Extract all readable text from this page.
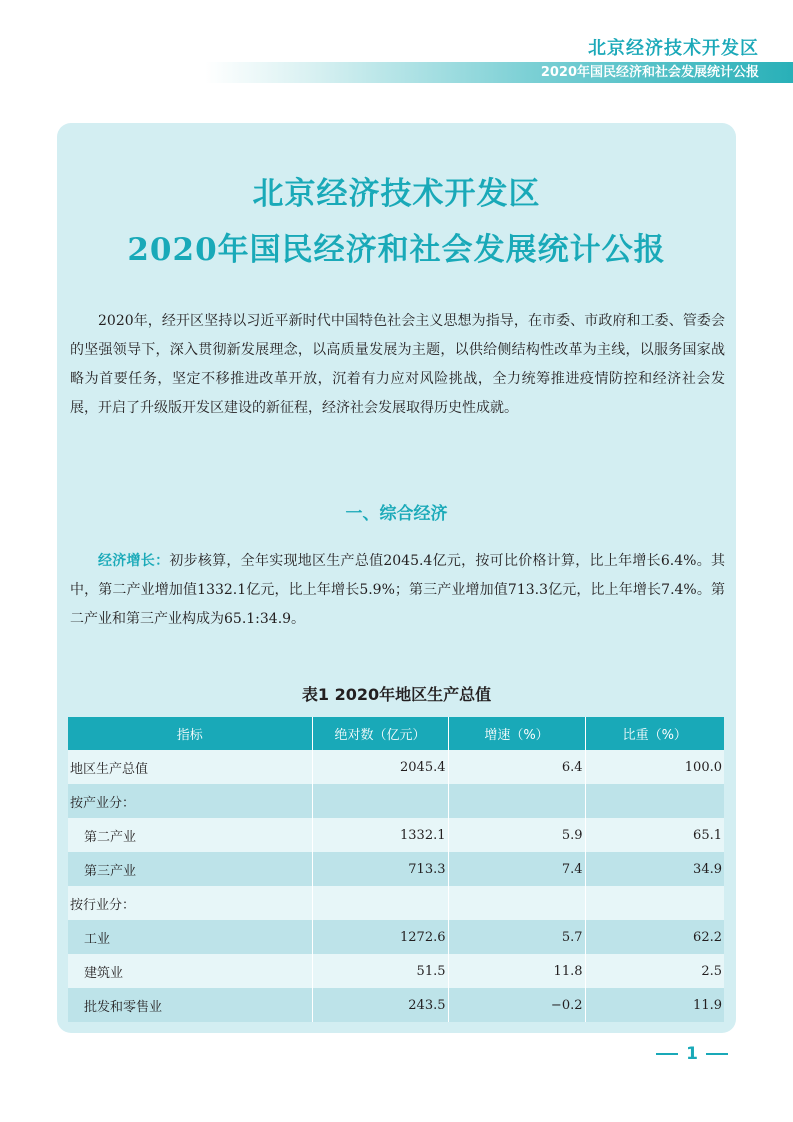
北京经济技术开发区
2020年国民经济和社会发展统计公报
北京经济技术开发区
2020年国民经济和社会发展统计公报

2020年，经开区坚持以习近平新时代中国特色社会主义思想为指导，在市委、市政府和工委、管委会的坚强领导下，深入贯彻新发展理念，以高质量发展为主题，以供给侧结构性改革为主线，以服务国家战略为首要任务，坚定不移推进改革开放，沉着有力应对风险挑战，全力统筹推进疫情防控和经济社会发展，开启了升级版开发区建设的新征程，经济社会发展取得历史性成就。

一、综合经济

经济增长：初步核算，全年实现地区生产总值2045.4亿元，按可比价格计算，比上年增长6.4%。其中，第二产业增加值1332.1亿元，比上年增长5.9%；第三产业增加值713.3亿元，比上年增长7.4%。第二产业和第三产业构成为65.1:34.9。

表1 2020年地区生产总值
指标	绝对数（亿元）	增速（%）	比重（%）
地区生产总值	2045.4	6.4	100.0
按产业分：			
第二产业	1332.1	5.9	65.1
第三产业	713.3	7.4	34.9
按行业分：			
工业	1272.6	5.7	62.2
建筑业	51.5	11.8	2.5
批发和零售业	243.5	−0.2	11.9
1
